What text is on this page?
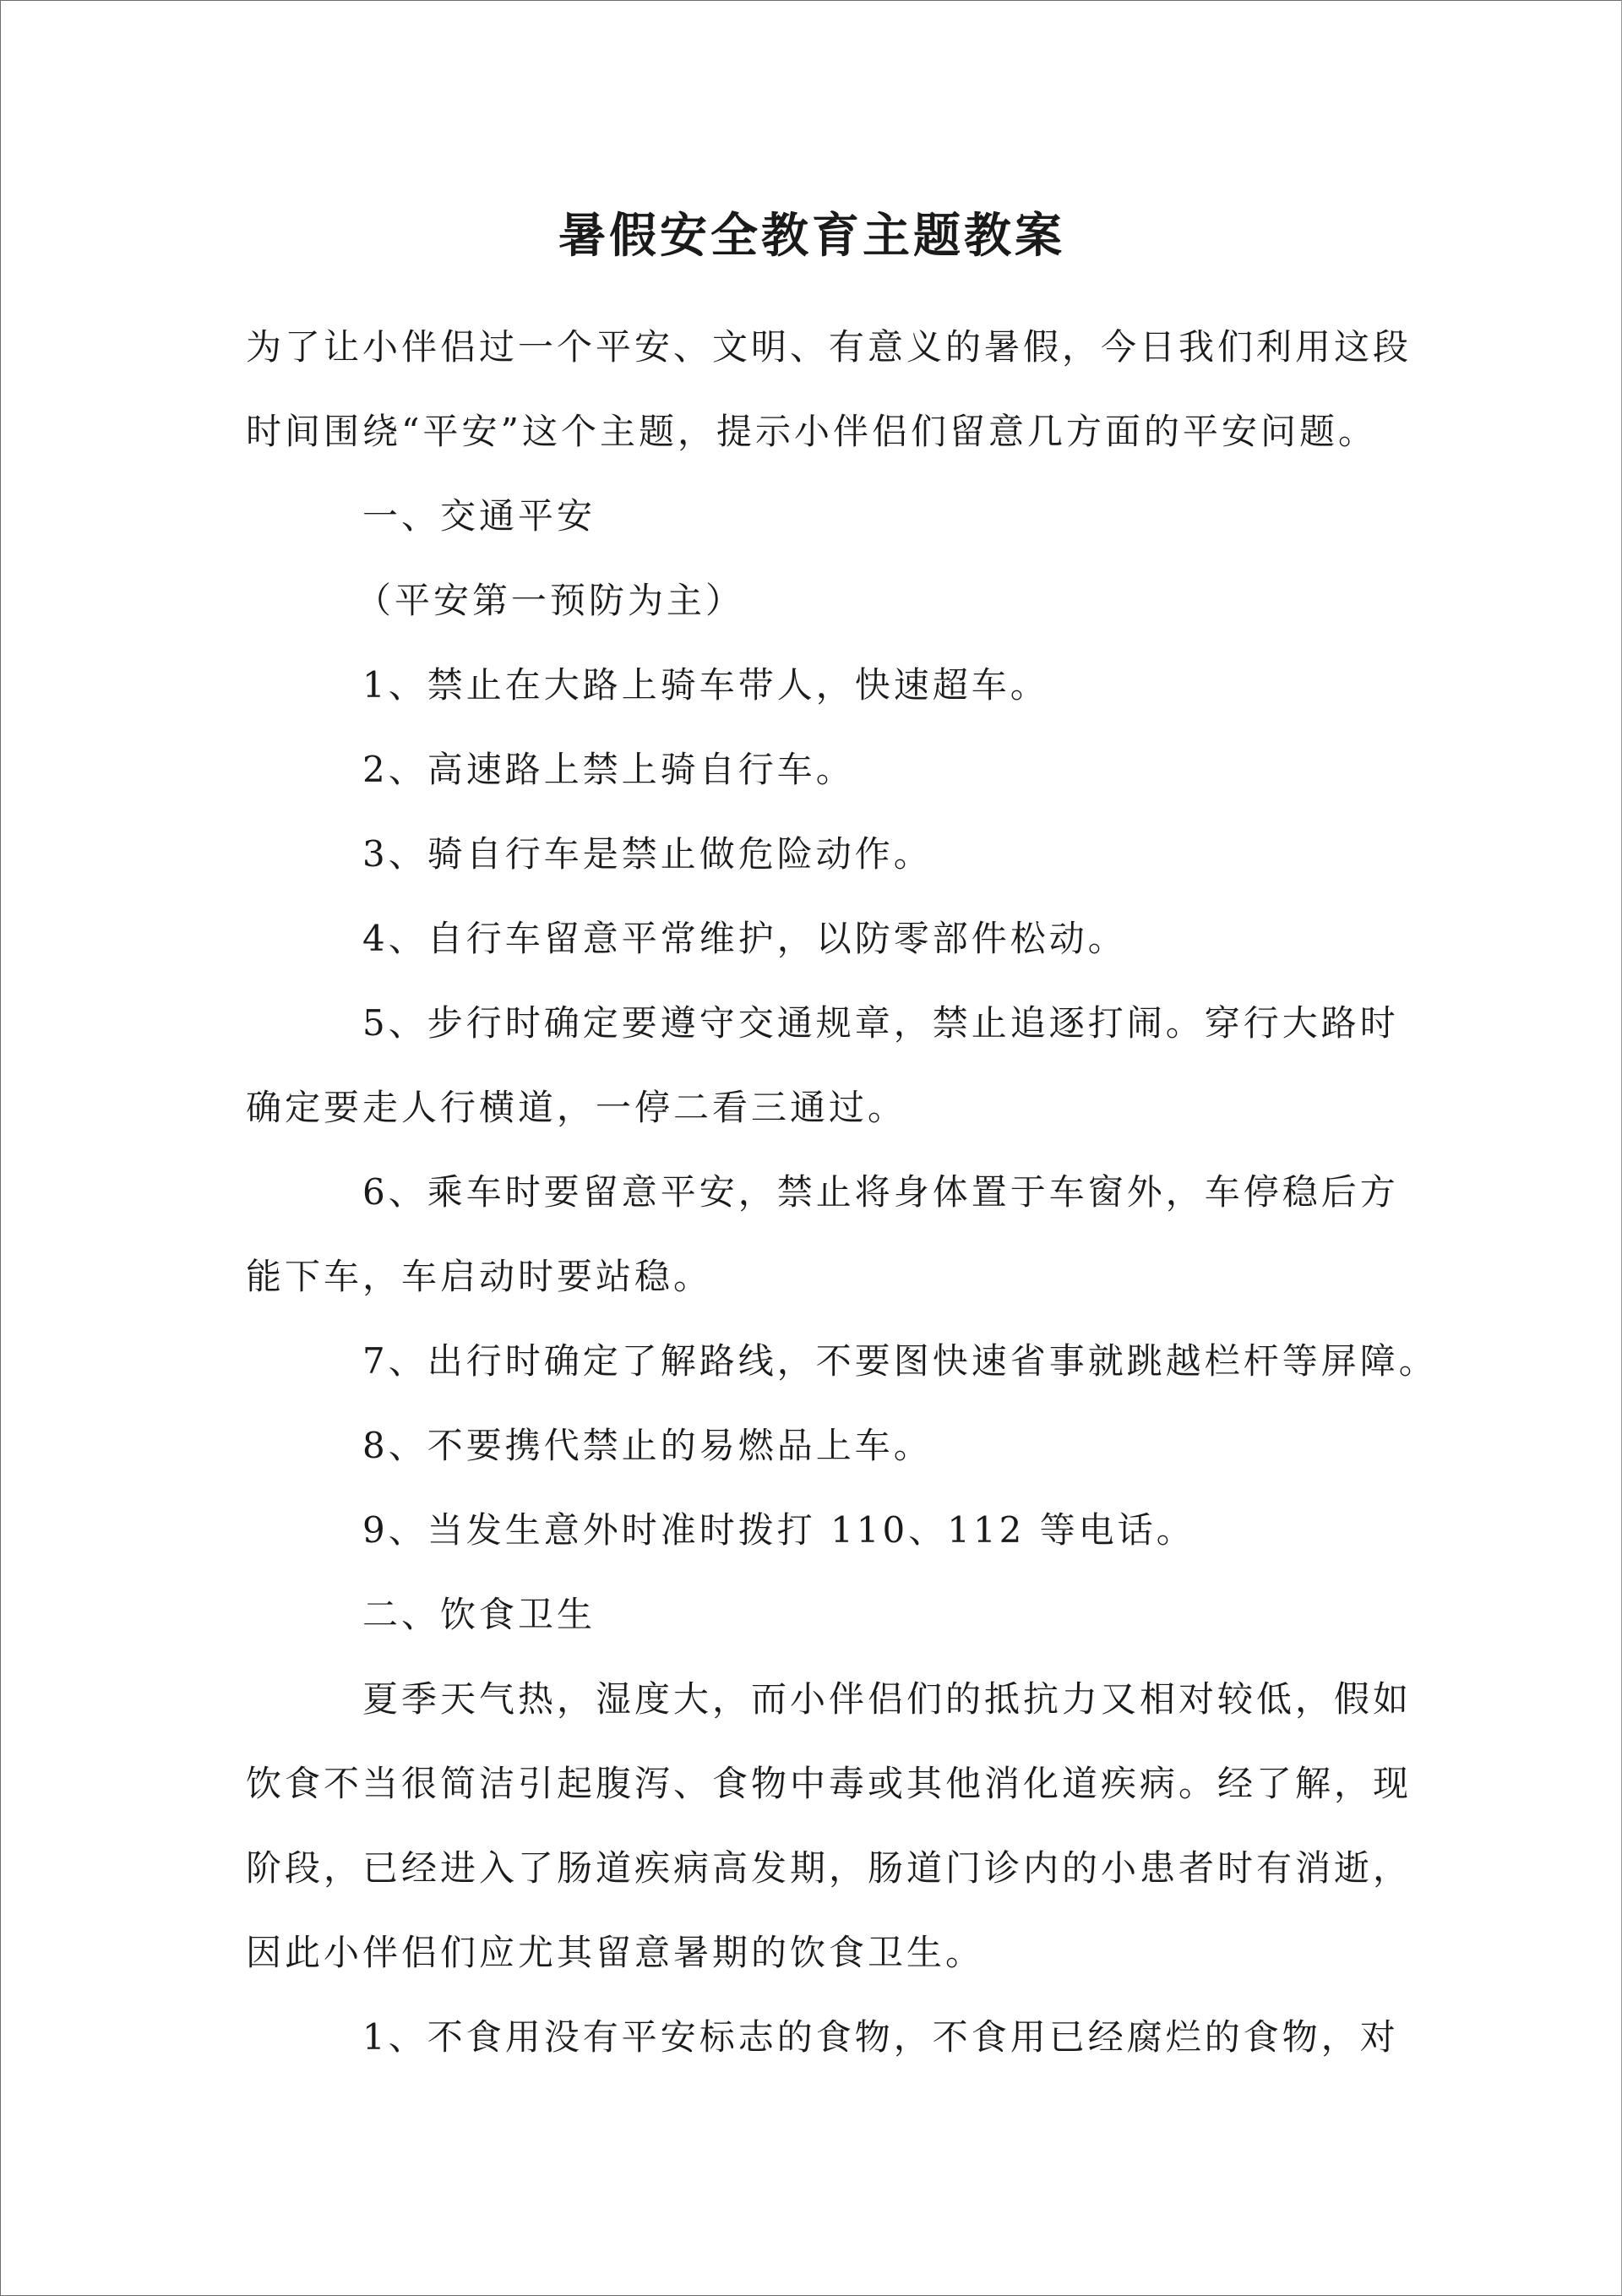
暑假安全教育主题教案
为了让小伴侣过一个平安、文明、有意义的暑假，今日我们利用这段
时间围绕“平安”这个主题，提示小伴侣们留意几方面的平安问题。
一、交通平安
（平安第一预防为主）
1、禁止在大路上骑车带人，快速超车。
2、高速路上禁上骑自行车。
3、骑自行车是禁止做危险动作。
4、自行车留意平常维护，以防零部件松动。
5、步行时确定要遵守交通规章，禁止追逐打闹。穿行大路时
确定要走人行横道，一停二看三通过。
6、乘车时要留意平安，禁止将身体置于车窗外，车停稳后方
能下车，车启动时要站稳。
7、出行时确定了解路线，不要图快速省事就跳越栏杆等屏障。
8、不要携代禁止的易燃品上车。
9、当发生意外时准时拨打 110、112 等电话。
二、饮食卫生
夏季天气热，湿度大，而小伴侣们的抵抗力又相对较低，假如
饮食不当很简洁引起腹泻、食物中毒或其他消化道疾病。经了解，现
阶段，已经进入了肠道疾病高发期，肠道门诊内的小患者时有消逝，
因此小伴侣们应尤其留意暑期的饮食卫生。
1、不食用没有平安标志的食物，不食用已经腐烂的食物，对
